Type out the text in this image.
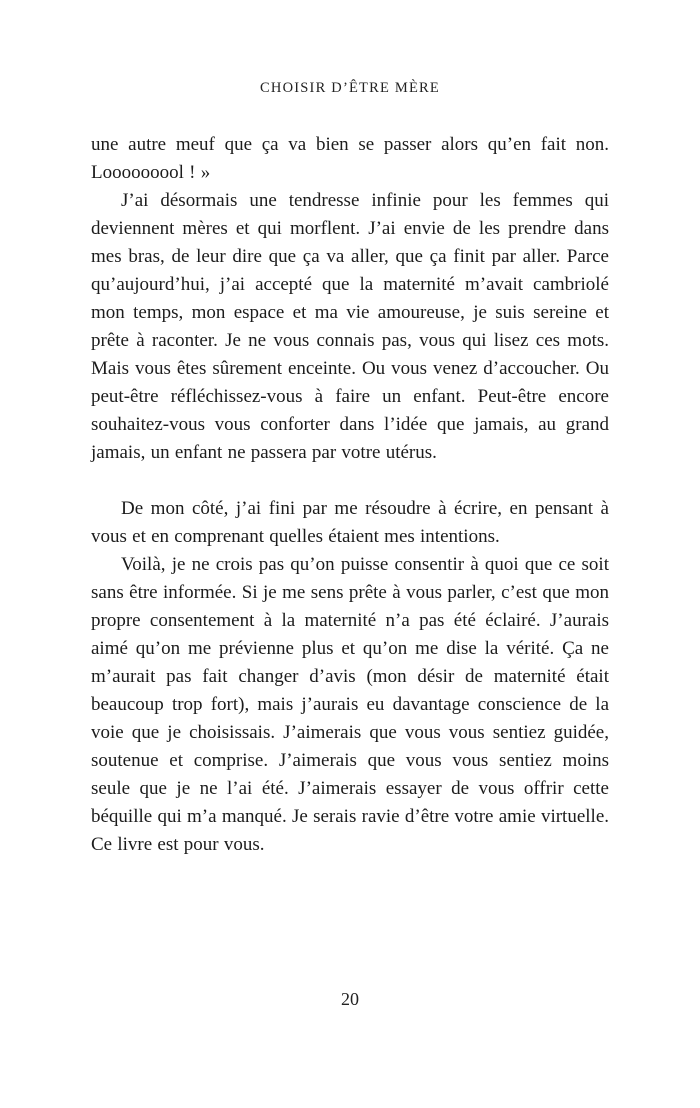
CHOISIR D’ÊTRE MÈRE

une autre meuf que ça va bien se passer alors qu’en fait non. Looooooool ! »

J’ai désormais une tendresse infinie pour les femmes qui deviennent mères et qui morflent. J’ai envie de les prendre dans mes bras, de leur dire que ça va aller, que ça finit par aller. Parce qu’aujourd’hui, j’ai accepté que la maternité m’avait cambriolé mon temps, mon espace et ma vie amoureuse, je suis sereine et prête à raconter. Je ne vous connais pas, vous qui lisez ces mots. Mais vous êtes sûrement enceinte. Ou vous venez d’accoucher. Ou peut-être réfléchissez-vous à faire un enfant. Peut-être encore souhaitez-vous vous conforter dans l’idée que jamais, au grand jamais, un enfant ne passera par votre utérus.

De mon côté, j’ai fini par me résoudre à écrire, en pensant à vous et en comprenant quelles étaient mes intentions.

Voilà, je ne crois pas qu’on puisse consentir à quoi que ce soit sans être informée. Si je me sens prête à vous parler, c’est que mon propre consentement à la maternité n’a pas été éclairé. J’aurais aimé qu’on me prévienne plus et qu’on me dise la vérité. Ça ne m’aurait pas fait changer d’avis (mon désir de maternité était beaucoup trop fort), mais j’aurais eu davantage conscience de la voie que je choisissais. J’aimerais que vous vous sentiez guidée, soutenue et comprise. J’aimerais que vous vous sentiez moins seule que je ne l’ai été. J’aimerais essayer de vous offrir cette béquille qui m’a manqué. Je serais ravie d’être votre amie virtuelle. Ce livre est pour vous.

20
